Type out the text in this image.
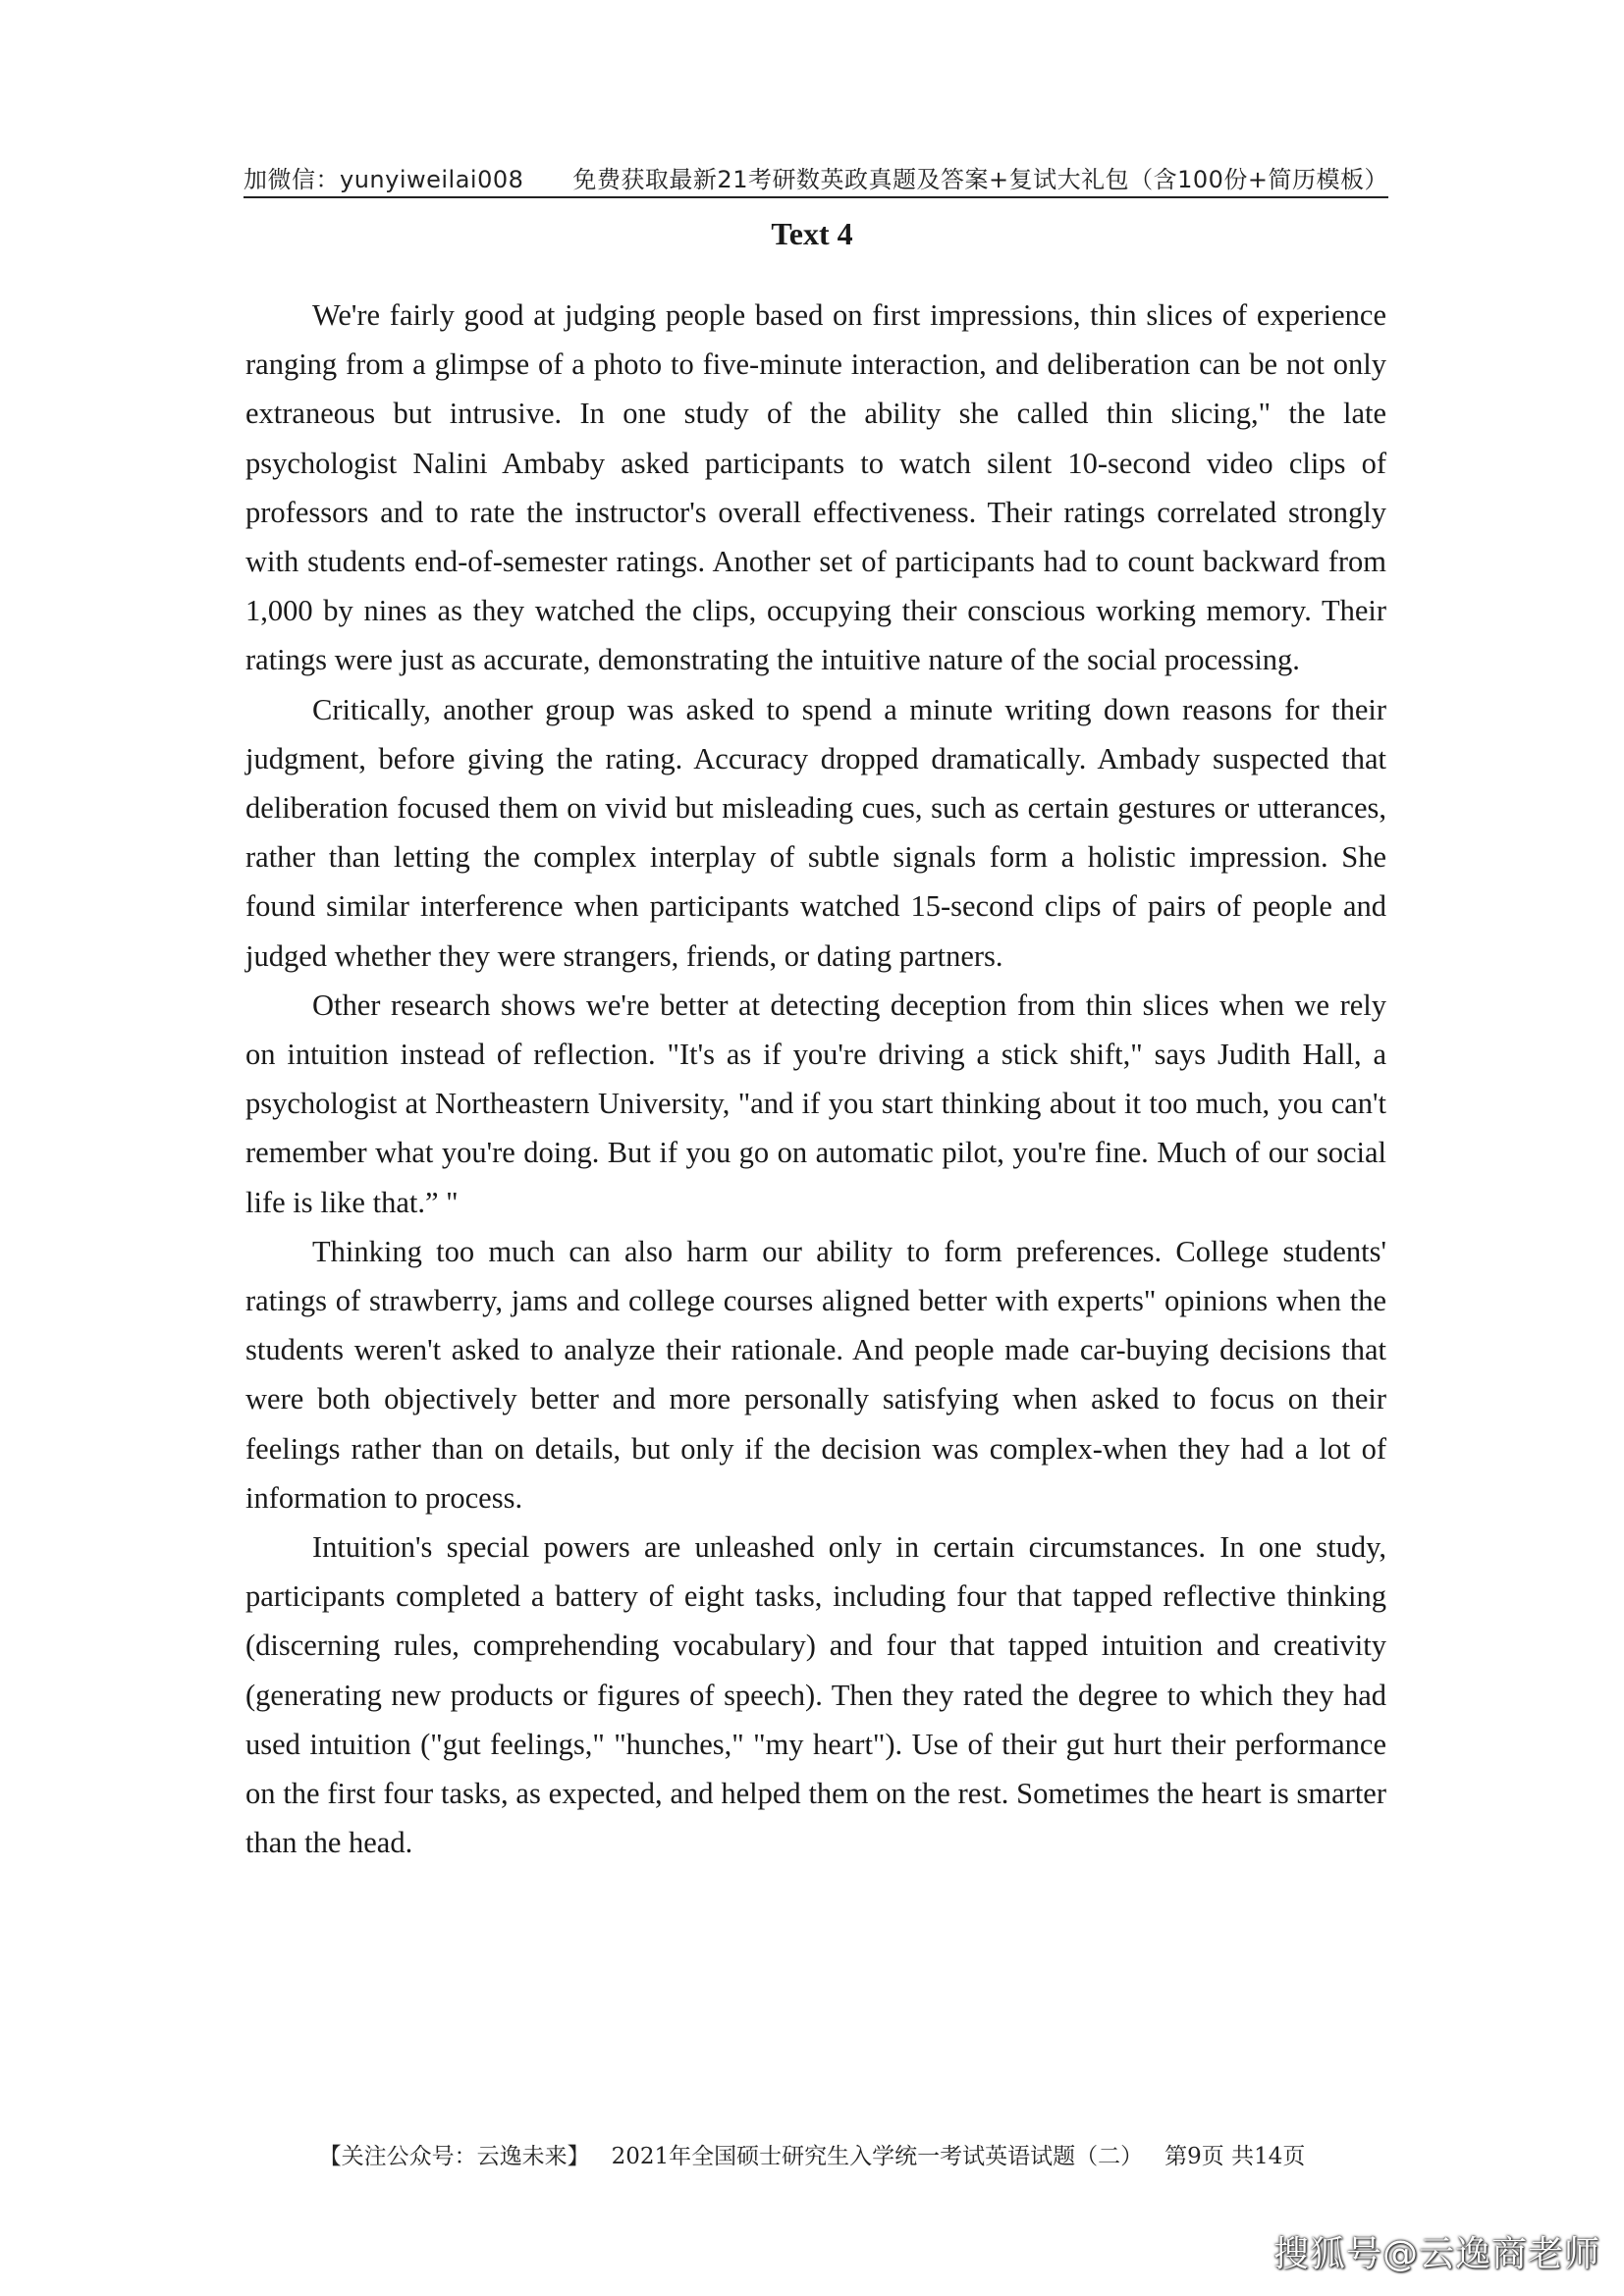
加微信：yunyiweilai008 免费获取最新21考研数英政真题及答案+复试大礼包（含100份+简历模板）
Text 4

We're fairly good at judging people based on first impressions, thin slices of experience ranging from a glimpse of a photo to five-minute interaction, and deliberation can be not only extraneous but intrusive. In one study of the ability she called thin slicing," the late psychologist Nalini Ambaby asked participants to watch silent 10-second video clips of professors and to rate the instructor's overall effectiveness. Their ratings correlated strongly with students end-of-semester ratings. Another set of participants had to count backward from 1,000 by nines as they watched the clips, occupying their conscious working memory. Their ratings were just as accurate, demonstrating the intuitive nature of the social processing.

Critically, another group was asked to spend a minute writing down reasons for their judgment, before giving the rating. Accuracy dropped dramatically. Ambady suspected that deliberation focused them on vivid but misleading cues, such as certain gestures or utterances, rather than letting the complex interplay of subtle signals form a holistic impression. She found similar interference when participants watched 15-second clips of pairs of people and judged whether they were strangers, friends, or dating partners.

Other research shows we're better at detecting deception from thin slices when we rely on intuition instead of reflection. "It's as if you're driving a stick shift," says Judith Hall, a psychologist at Northeastern University, "and if you start thinking about it too much, you can't remember what you're doing. But if you go on automatic pilot, you're fine. Much of our social life is like that.” "

Thinking too much can also harm our ability to form preferences. College students' ratings of strawberry, jams and college courses aligned better with experts" opinions when the students weren't asked to analyze their rationale. And people made car-buying decisions that were both objectively better and more personally satisfying when asked to focus on their feelings rather than on details, but only if the decision was complex-when they had a lot of information to process.

Intuition's special powers are unleashed only in certain circumstances. In one study, participants completed a battery of eight tasks, including four that tapped reflective thinking (discerning rules, comprehending vocabulary) and four that tapped intuition and creativity (generating new products or figures of speech). Then they rated the degree to which they had used intuition ("gut feelings," "hunches," "my heart"). Use of their gut hurt their performance on the first four tasks, as expected, and helped them on the rest. Sometimes the heart is smarter than the head.

【关注公众号：云逸未来】 2021年全国硕士研究生入学统一考试英语试题（二） 第9页 共14页
搜狐号@云逸商老师
